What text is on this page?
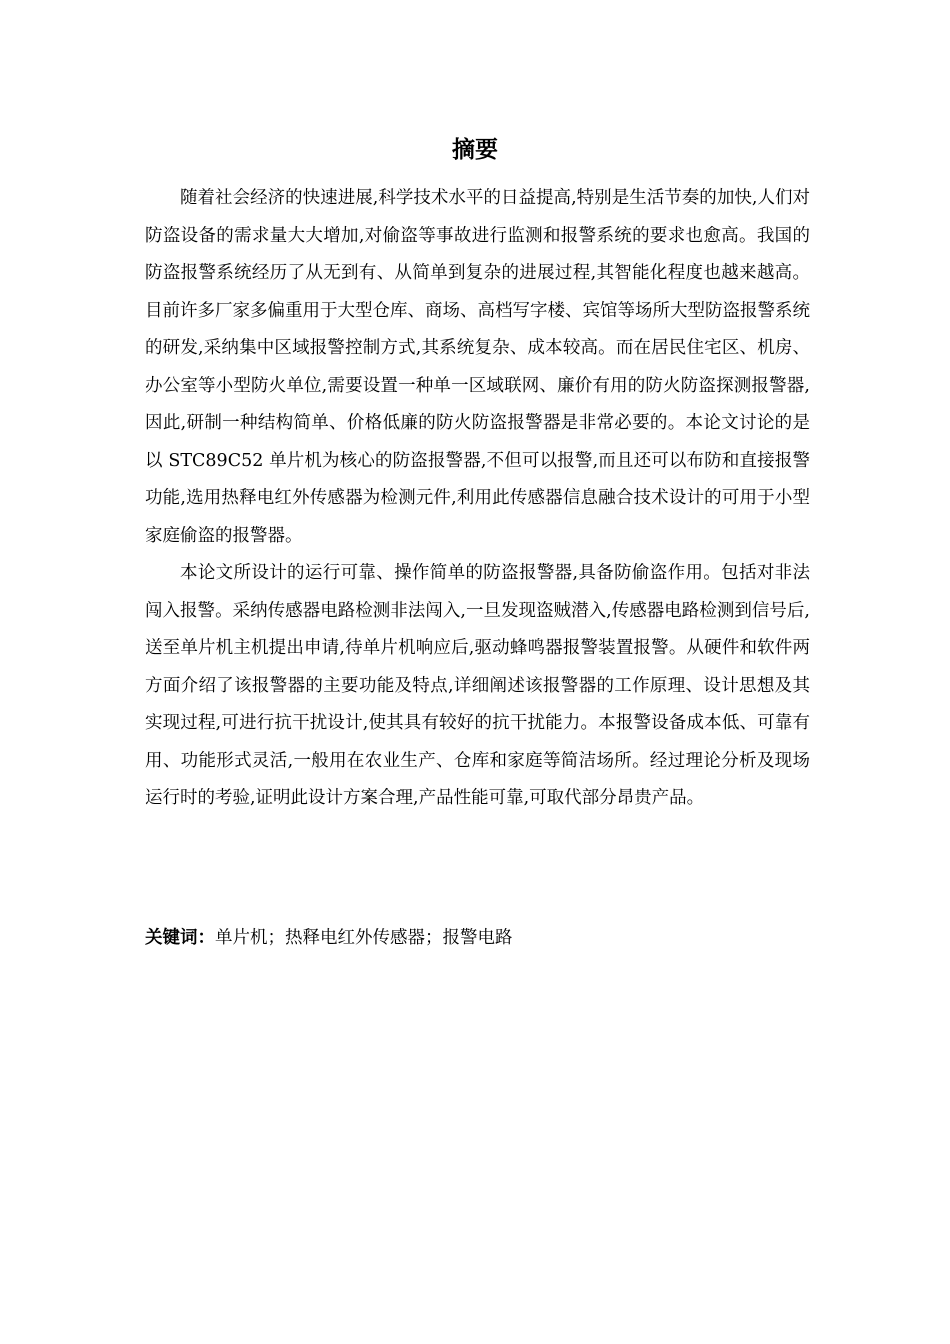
摘要

随着社会经济的快速进展,科学技术水平的日益提高,特别是生活节奏的加快,人们对防盗设备的需求量大大增加,对偷盗等事故进行监测和报警系统的要求也愈高。我国的防盗报警系统经历了从无到有、从简单到复杂的进展过程,其智能化程度也越来越高。目前许多厂家多偏重用于大型仓库、商场、高档写字楼、宾馆等场所大型防盗报警系统的研发,采纳集中区域报警控制方式,其系统复杂、成本较高。而在居民住宅区、机房、办公室等小型防火单位,需要设置一种单一区域联网、廉价有用的防火防盗探测报警器,因此,研制一种结构简单、价格低廉的防火防盗报警器是非常必要的。本论文讨论的是以 STC89C52 单片机为核心的防盗报警器,不但可以报警,而且还可以布防和直接报警功能,选用热释电红外传感器为检测元件,利用此传感器信息融合技术设计的可用于小型家庭偷盗的报警器。

本论文所设计的运行可靠、操作简单的防盗报警器,具备防偷盗作用。包括对非法闯入报警。采纳传感器电路检测非法闯入,一旦发现盗贼潜入,传感器电路检测到信号后,送至单片机主机提出申请,待单片机响应后,驱动蜂鸣器报警装置报警。从硬件和软件两方面介绍了该报警器的主要功能及特点,详细阐述该报警器的工作原理、设计思想及其实现过程,可进行抗干扰设计,使其具有较好的抗干扰能力。本报警设备成本低、可靠有用、功能形式灵活,一般用在农业生产、仓库和家庭等简洁场所。经过理论分析及现场运行时的考验,证明此设计方案合理,产品性能可靠,可取代部分昂贵产品。

关键词：单片机；热释电红外传感器；报警电路
